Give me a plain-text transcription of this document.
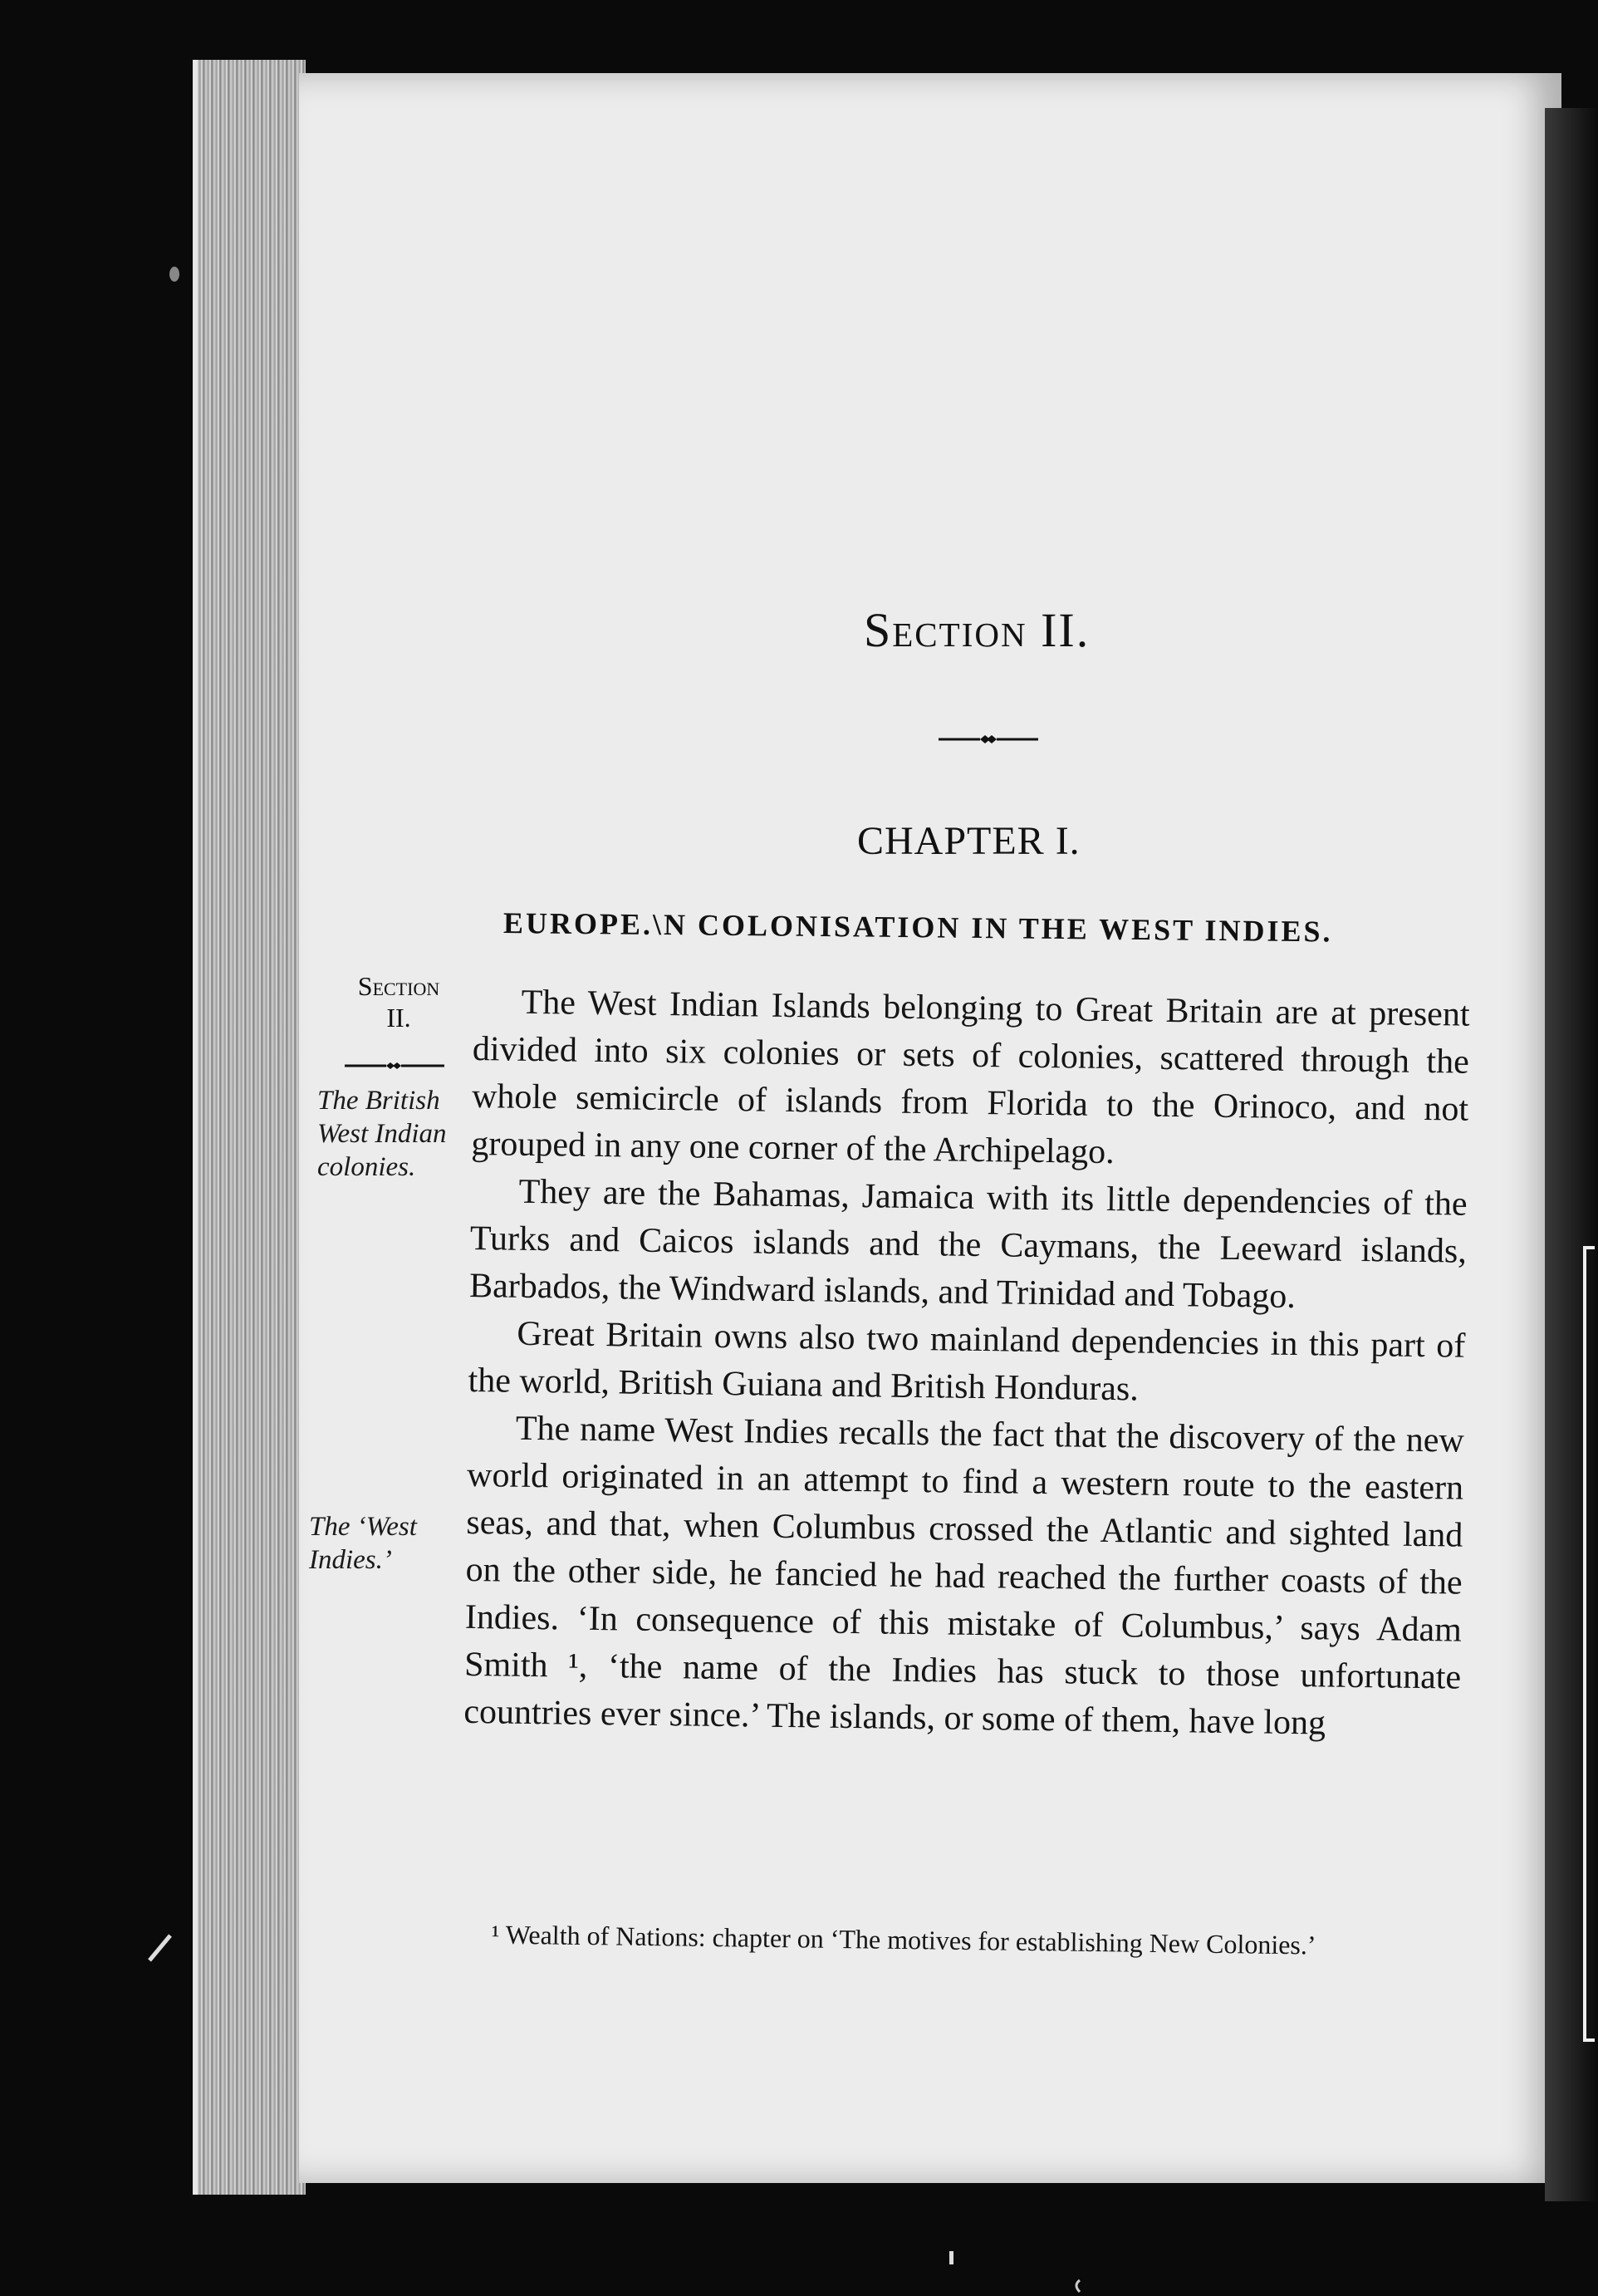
Section II.
CHAPTER I.
EUROPE.\N COLONISATION IN THE WEST INDIES.
Section
II.
The British West Indian colonies.
The ‘West Indies.’

The West Indian Islands belonging to Great Britain are at present divided into six colonies or sets of colonies, scattered through the whole semicircle of islands from Florida to the Orinoco, and not grouped in any one corner of the Archipelago.

They are the Bahamas, Jamaica with its little dependencies of the Turks and Caicos islands and the Caymans, the Leeward islands, Barbados, the Windward islands, and Trinidad and Tobago.

Great Britain owns also two mainland dependencies in this part of the world, British Guiana and British Honduras.

The name West Indies recalls the fact that the discovery of the new world originated in an attempt to find a western route to the eastern seas, and that, when Columbus crossed the Atlantic and sighted land on the other side, he fancied he had reached the further coasts of the Indies. ‘In consequence of this mistake of Columbus,’ says Adam Smith ¹, ‘the name of the Indies has stuck to those unfortunate countries ever since.’ The islands, or some of them, have long

¹ Wealth of Nations: chapter on ‘The motives for establishing New Colonies.’
